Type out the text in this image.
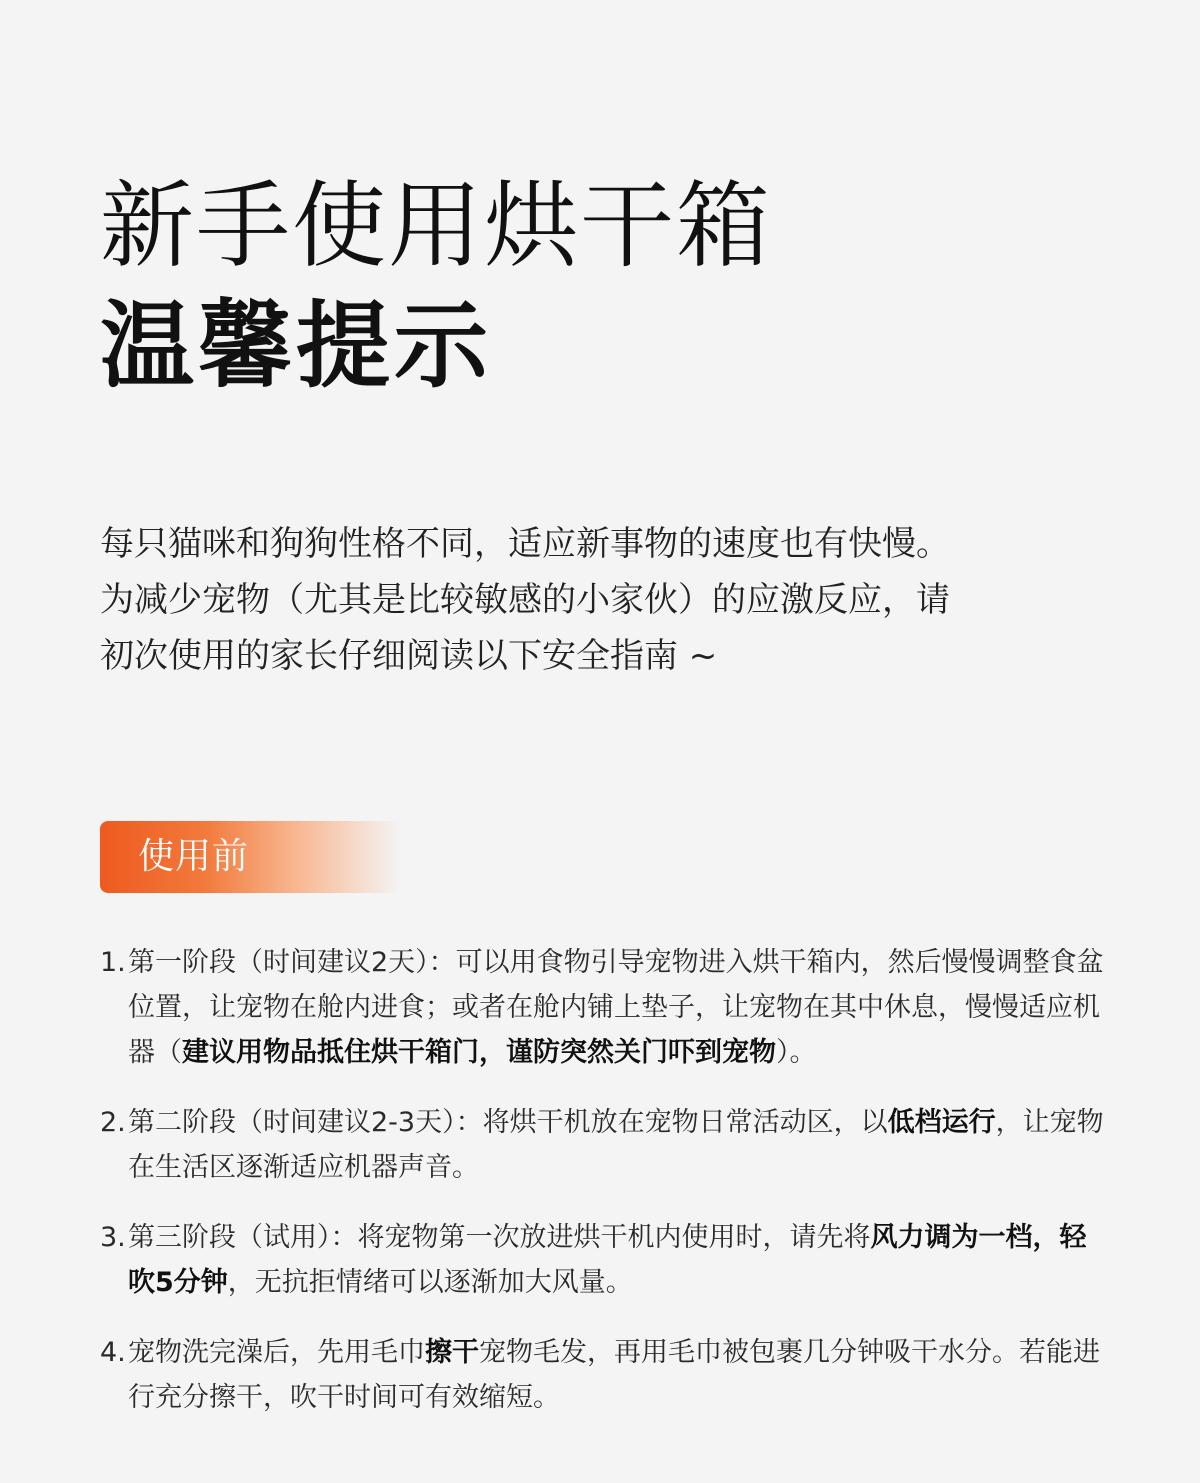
新手使用烘干箱
温馨提示

每只猫咪和狗狗性格不同，适应新事物的速度也有快慢。

为减少宠物（尤其是比较敏感的小家伙）的应激反应，请

初次使用的家长仔细阅读以下安全指南 ~

使用前
1. 第一阶段（时间建议2天）：可以用食物引导宠物进入烘干箱内，然后慢慢调整食盆位置，让宠物在舱内进食；或者在舱内铺上垫子，让宠物在其中休息，慢慢适应机器（建议用物品抵住烘干箱门，谨防突然关门吓到宠物）。
2. 第二阶段（时间建议2-3天）：将烘干机放在宠物日常活动区，以低档运行，让宠物在生活区逐渐适应机器声音。
3. 第三阶段（试用）：将宠物第一次放进烘干机内使用时，请先将风力调为一档，轻吹5分钟，无抗拒情绪可以逐渐加大风量。
4. 宠物洗完澡后，先用毛巾擦干宠物毛发，再用毛巾被包裹几分钟吸干水分。若能进行充分擦干，吹干时间可有效缩短。
